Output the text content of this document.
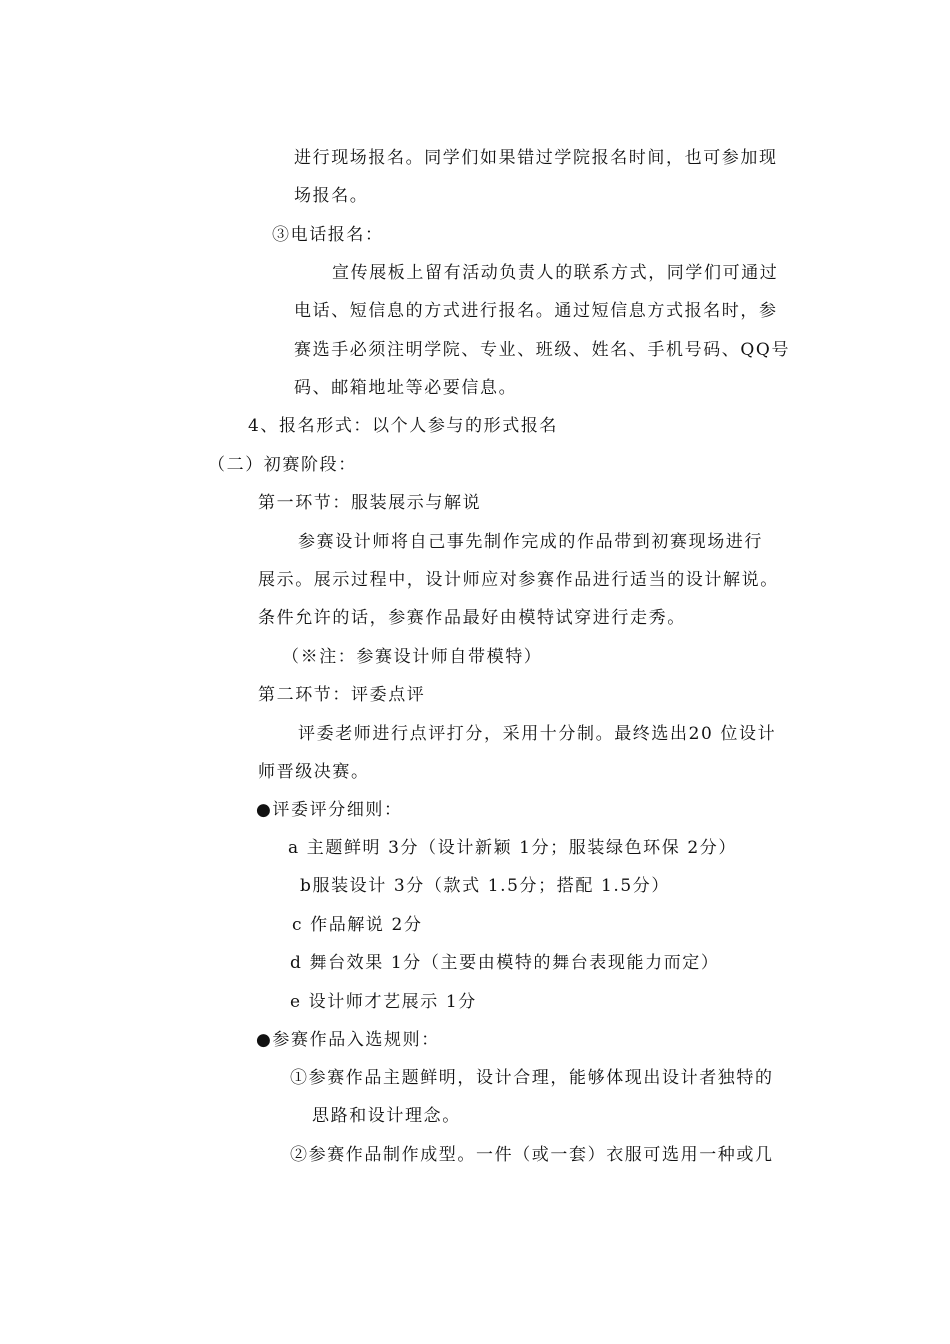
进行现场报名。同学们如果错过学院报名时间，也可参加现
场报名。
③电话报名：
宣传展板上留有活动负责人的联系方式，同学们可通过
电话、短信息的方式进行报名。通过短信息方式报名时，参
赛选手必须注明学院、专业、班级、姓名、手机号码、QQ号
码、邮箱地址等必要信息。
4、报名形式：以个人参与的形式报名
（二）初赛阶段：
第一环节：服装展示与解说
参赛设计师将自己事先制作完成的作品带到初赛现场进行
展示。展示过程中，设计师应对参赛作品进行适当的设计解说。
条件允许的话，参赛作品最好由模特试穿进行走秀。
（※注：参赛设计师自带模特）
第二环节：评委点评
评委老师进行点评打分，采用十分制。最终选出20 位设计
师晋级决赛。
●评委评分细则：
a 主题鲜明 3分（设计新颖 1分；服装绿色环保 2分）
b服装设计 3分（款式 1.5分；搭配 1.5分）
c 作品解说 2分
d 舞台效果 1分（主要由模特的舞台表现能力而定）
e 设计师才艺展示 1分
●参赛作品入选规则：
①参赛作品主题鲜明，设计合理，能够体现出设计者独特的
思路和设计理念。
②参赛作品制作成型。一件（或一套）衣服可选用一种或几
